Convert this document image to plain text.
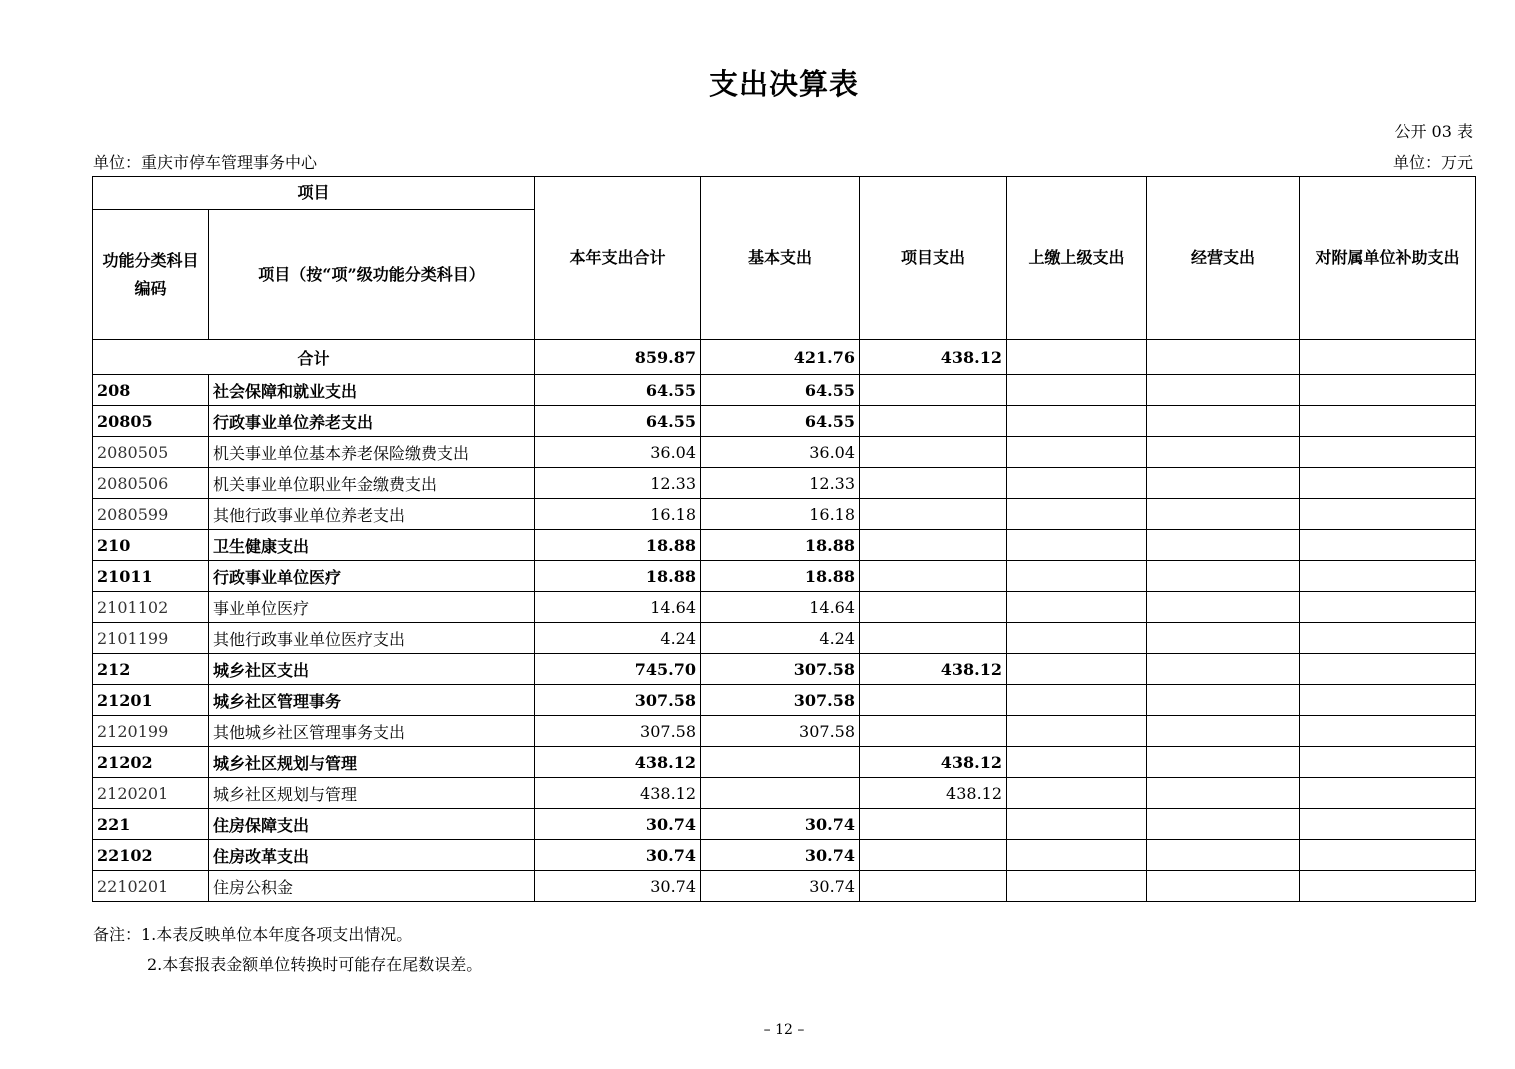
支出决算表
公开 03 表
单位：重庆市停车管理事务中心	单位：万元
项目		本年支出合计	基本支出	项目支出	上缴上级支出	经营支出	对附属单位补助支出
功能分类科目编码	项目（按“项”级功能分类科目）						
合计		859.87	421.76	438.12			
208	社会保障和就业支出	64.55	64.55				
20805	行政事业单位养老支出	64.55	64.55				
2080505	机关事业单位基本养老保险缴费支出	36.04	36.04				
2080506	机关事业单位职业年金缴费支出	12.33	12.33				
2080599	其他行政事业单位养老支出	16.18	16.18				
210	卫生健康支出	18.88	18.88				
21011	行政事业单位医疗	18.88	18.88				
2101102	事业单位医疗	14.64	14.64				
2101199	其他行政事业单位医疗支出	4.24	4.24				
212	城乡社区支出	745.70	307.58	438.12			
21201	城乡社区管理事务	307.58	307.58				
2120199	其他城乡社区管理事务支出	307.58	307.58				
21202	城乡社区规划与管理	438.12		438.12			
2120201	城乡社区规划与管理	438.12		438.12			
221	住房保障支出	30.74	30.74				
22102	住房改革支出	30.74	30.74				
2210201	住房公积金	30.74	30.74				
备注：1.本表反映单位本年度各项支出情况。
2.本套报表金额单位转换时可能存在尾数误差。
– 12 –
